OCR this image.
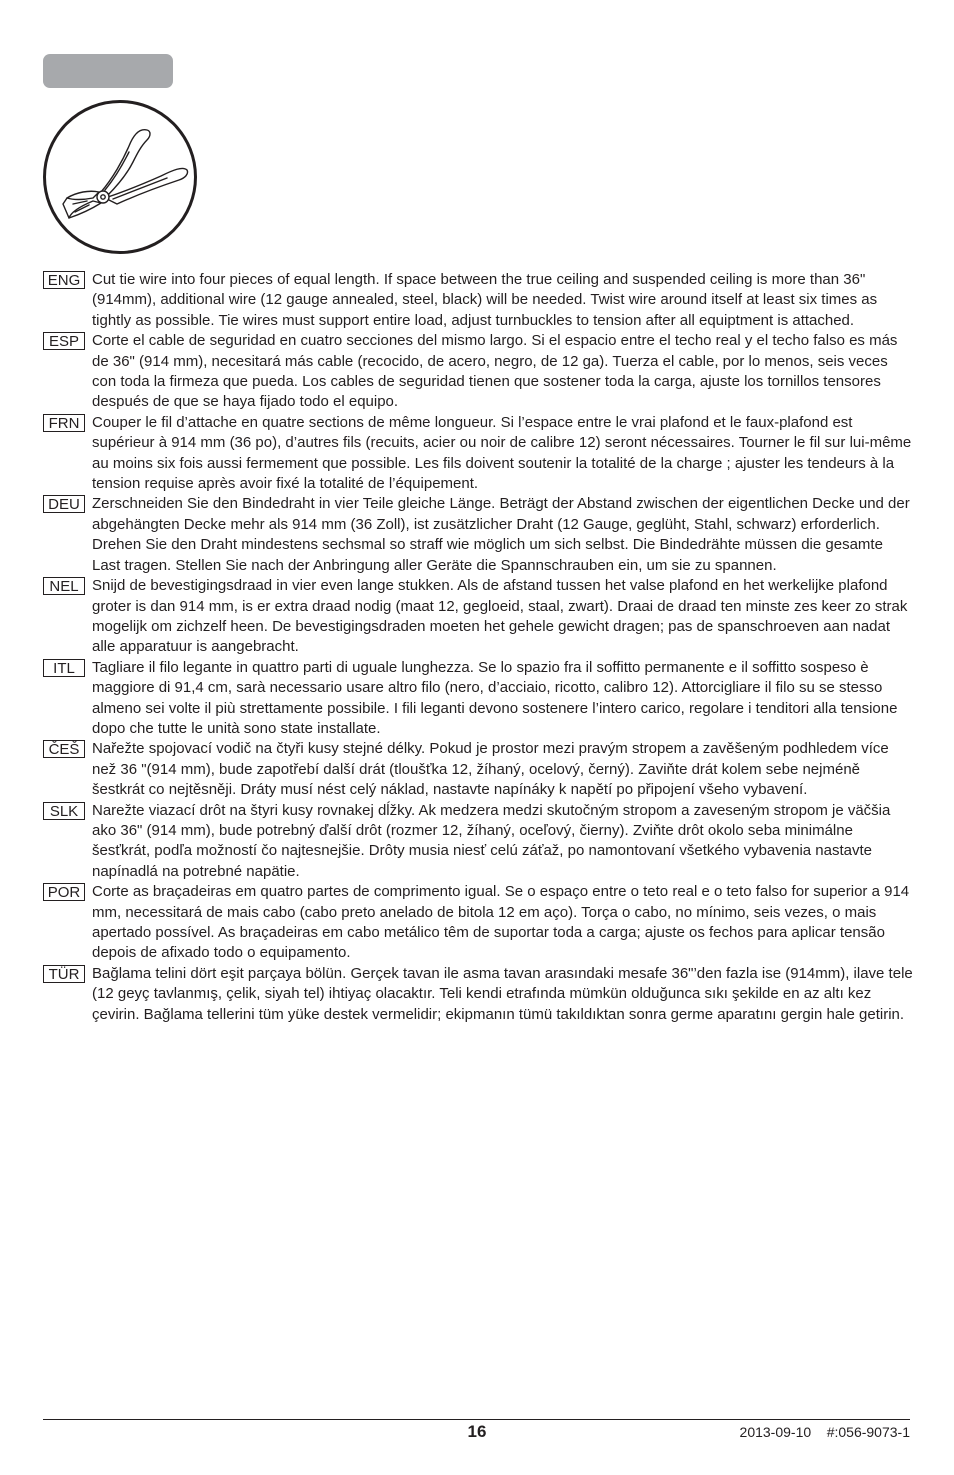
ENG Cut tie wire into four pieces of equal length. If space between the true ceiling and suspended ceiling is more than 36" (914mm), additional wire (12 gauge annealed, steel, black) will be needed. Twist wire around itself at least six times as tightly as possible. Tie wires must support entire load, adjust turnbuckles to tension after all equiptment is attached.

ESP Corte el cable de seguridad en cuatro secciones del mismo largo. Si el espacio entre el techo real y el techo falso es más de 36" (914 mm), necesitará más cable (recocido, de acero, negro, de 12 ga). Tuerza el cable, por lo menos, seis veces con toda la firmeza que pueda. Los cables de seguridad tienen que sostener toda la carga, ajuste los tornillos tensores después de que se haya fijado todo el equipo.

FRN Couper le fil d’attache en quatre sections de même longueur. Si l’espace entre le vrai plafond et le faux-plafond est supérieur à 914 mm (36 po), d’autres fils (recuits, acier ou noir de calibre 12) seront nécessaires. Tourner le fil sur lui-même au moins six fois aussi fermement que possible. Les fils doivent soutenir la totalité de la charge ; ajuster les tendeurs à la tension requise après avoir fixé la totalité de l’équipement.

DEU Zerschneiden Sie den Bindedraht in vier Teile gleiche Länge. Beträgt der Abstand zwischen der eigentlichen Decke und der abgehängten Decke mehr als 914 mm (36 Zoll), ist zusätzlicher Draht (12 Gauge, geglüht, Stahl, schwarz) erforderlich. Drehen Sie den Draht mindestens sechsmal so straff wie möglich um sich selbst. Die Bindedrähte müssen die gesamte Last tragen. Stellen Sie nach der Anbringung aller Geräte die Spannschrauben ein, um sie zu spannen.

NEL Snijd de bevestigingsdraad in vier even lange stukken. Als de afstand tussen het valse plafond en het werkelijke plafond groter is dan 914 mm, is er extra draad nodig (maat 12, gegloeid, staal, zwart). Draai de draad ten minste zes keer zo strak mogelijk om zichzelf heen. De bevestigingsdraden moeten het gehele gewicht dragen; pas de spanschroeven aan nadat alle apparatuur is aangebracht.

ITL	Tagliare il filo legante in quattro parti di uguale lunghezza. Se lo spazio fra il soffitto permanente e il soffitto sospeso è maggiore di 91,4 cm, sarà necessario usare altro filo (nero, d’acciaio, ricotto, calibro 12). Attorcigliare il filo su se stesso almeno sei volte il più strettamente possibile. I fili leganti devono sostenere l’intero carico, regolare i tenditori alla tensione dopo che tutte le unità sono state installate.

ČEŠ Nařežte spojovací vodič na čtyři kusy stejné délky. Pokud je prostor mezi pravým stropem a zavěšeným podhledem více než 36 "(914 mm), bude zapotřebí další drát (tloušťka 12, žíhaný, ocelový, černý). Zaviňte drát kolem sebe nejméně šestkrát co nejtěsněji. Dráty musí nést celý náklad, nastavte napínáky k napětí po připojení všeho vybavení.

SLK Narežte viazací drôt na štyri kusy rovnakej dĺžky. Ak medzera medzi skutočným stropom a zaveseným stropom je väčšia ako 36" (914 mm), bude potrebný ďalší drôt (rozmer 12, žíhaný, oceľový, čierny). Zviňte drôt okolo seba minimálne šesťkrát, podľa možností čo najtesnejšie. Drôty musia niesť celú záťaž, po namontovaní všetkého vybavenia nastavte napínadlá na potrebné napätie.

POR Corte as braçadeiras em quatro partes de comprimento igual. Se o espaço entre o teto real e o teto falso for superior a 914 mm, necessitará de mais cabo (cabo preto anelado de bitola 12 em aço). Torça o cabo, no mínimo, seis vezes, o mais apertado possível. As braçadeiras em cabo metálico têm de suportar toda a carga; ajuste os fechos para aplicar tensão depois de afixado todo o equipamento.

TÜR Bağlama telini dört eşit parçaya bölün. Gerçek tavan ile asma tavan arasındaki mesafe 36"’den fazla ise (914mm), ilave tele (12 geyç tavlanmış, çelik, siyah tel) ihtiyaç olacaktır. Teli kendi etrafında mümkün olduğunca sıkı şekilde en az altı kez çevirin. Bağlama tellerini tüm yüke destek vermelidir; ekipmanın tümü takıldıktan sonra germe aparatını gergin hale getirin.

16	2013-09-10    #:056-9073-1
